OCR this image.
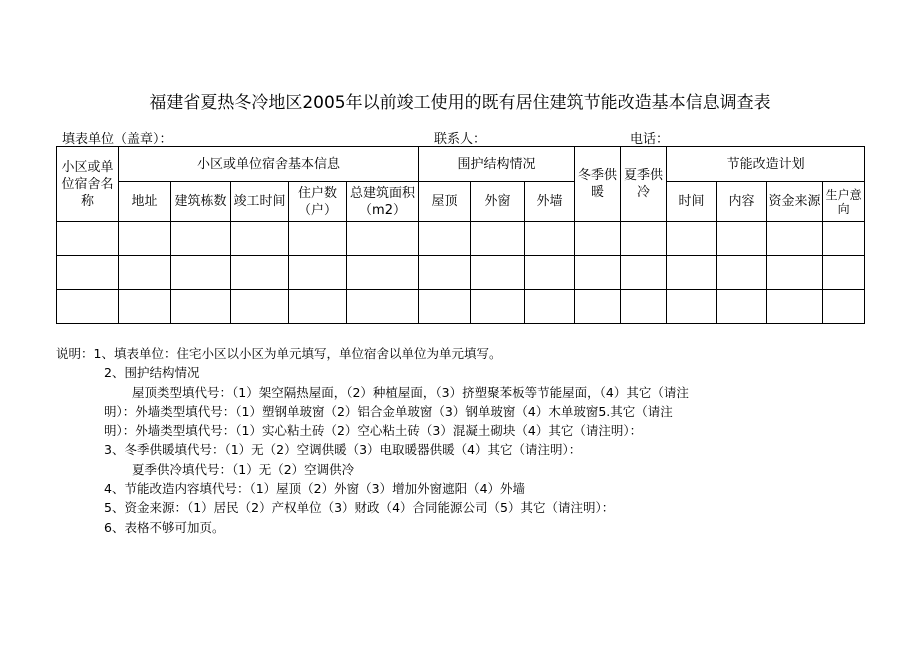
福建省夏热冬冷地区2005年以前竣工使用的既有居住建筑节能改造基本信息调查表
填表单位（盖章）：	联系人：	电话：
小区或单位宿舍名称	小区或单位宿舍基本信息					围护结构情况			冬季供暖	夏季供冷	节能改造计划			
	地址	建筑栋数	竣工时间	住户数（户）	总建筑面积（m2）	屋顶	外窗	外墙			时间	内容	资金来源	生户意向

说明：1、填表单位：住宅小区以小区为单元填写，单位宿舍以单位为单元填写。
2、围护结构情况
屋顶类型填代号：（1）架空隔热屋面，（2）种植屋面，（3）挤塑聚苯板等节能屋面，（4）其它（请注
明）：外墙类型填代号：（1）塑钢单玻窗（2）铝合金单玻窗（3）钢单玻窗（4）木单玻窗5.其它（请注
明）：外墙类型填代号：（1）实心粘土砖（2）空心粘土砖（3）混凝土砌块（4）其它（请注明）：
3、冬季供暖填代号：（1）无（2）空调供暖（3）电取暖器供暖（4）其它（请注明）：
夏季供冷填代号：（1）无（2）空调供冷
4、节能改造内容填代号：（1）屋顶（2）外窗（3）增加外窗遮阳（4）外墙
5、资金来源：（1）居民（2）产权单位（3）财政（4）合同能源公司（5）其它（请注明）：
6、表格不够可加页。
